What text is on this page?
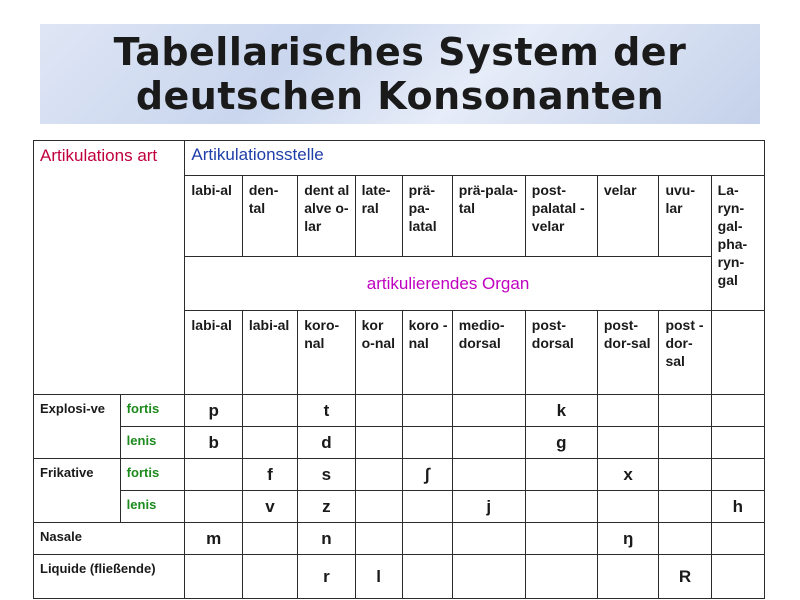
Tabellarisches System der
deutschen Konsonanten
Artikulations art		Artikulationsstelle									
		labi-al	den-tal	dent al alve o-lar	late-ral	prä-pa-latal	prä-pala-tal	post-palatal -velar	velar	uvu-lar	La-ryn-gal-pha-ryn-gal
		artikulierendes Organ									
		labi-al	labi-al	koro-nal	kor o-nal	koro -nal	medio-dorsal	post-dorsal	post-dor-sal	post -dor-sal	
Explosi-ve	fortis	p		t				k			
	lenis	b		d				g			
Frikative	fortis		f	s		∫			x		
	lenis		v	z			j				h
Nasale		m		n					ŋ		
Liquide (fließende)				r	l					R	
